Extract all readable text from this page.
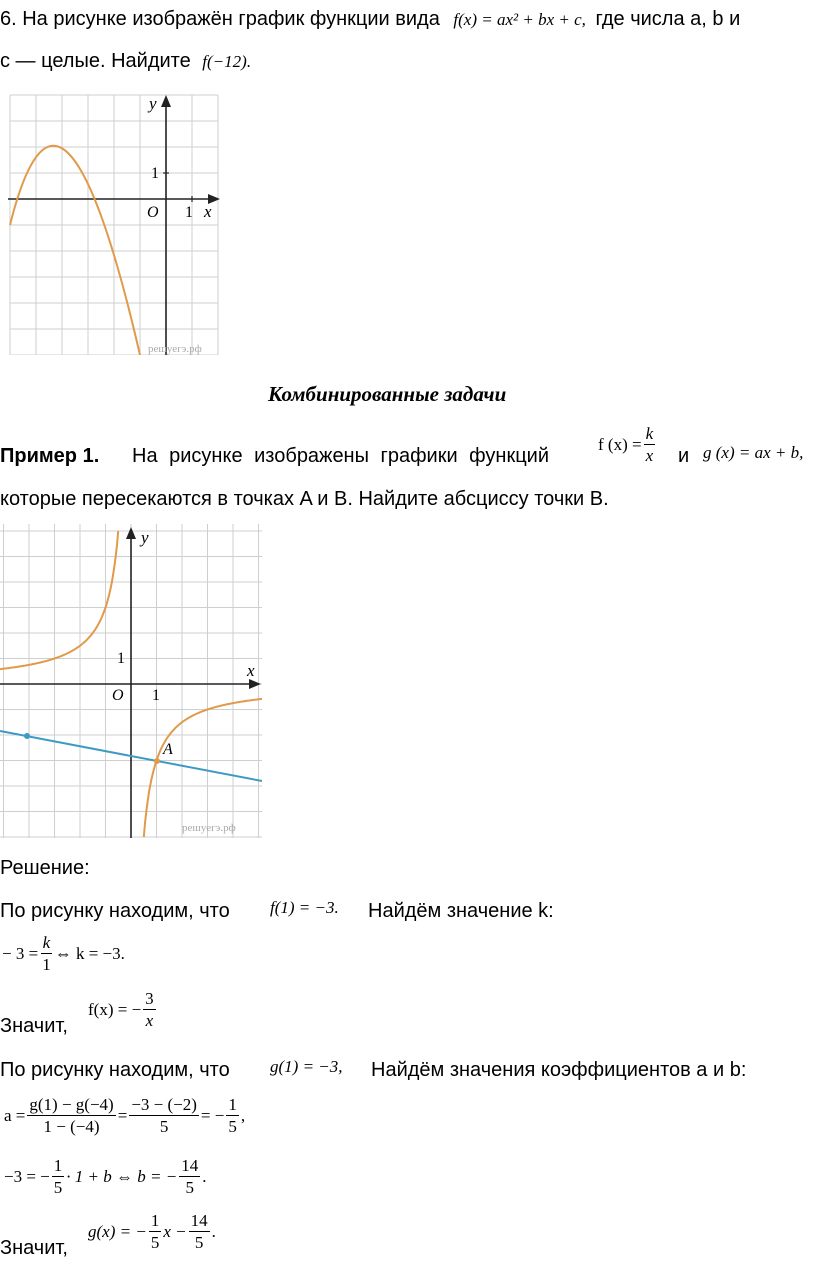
6. На рисунке изображён график функции вида f(x) = ax² + bx + c, где числа a, b и
с — целые. Найдите f(−12).
y
x
O 1
1
решуегэ.рф
Комбинированные задачи
Пример 1. На рисунке изображены графики функций
f $(x) = \frac{k}{x}$ и g (x) = ax + b,
которые пересекаются в точках A и B. Найдите абсциссу точки B.
y
x
O 1
1
A
решуегэ.рф
Решение:
По рисунку находим, что f(1) = −3. Найдём значение k:
− $3 = \frac{k}{1}$ ⇔ k = −3.
Значит,
f(x) = − $\frac{3}{x}$
По рисунку находим, что g(1) = −3, Найдём значения коэффициентов a и b:
$a = \frac{g(1) - g(-4)}{1 - (-4)} = \frac{-3 - (-2)}{5}$ = − $\frac{1}{5}$ ,
−3 = − $\frac{1}{5} \cdot 1 + b$ ⇔ b = − $\frac{14}{5}$ .
Значит,
g(x) = − $\frac{1}{5}$ $x - \frac{14}{5}$ .
